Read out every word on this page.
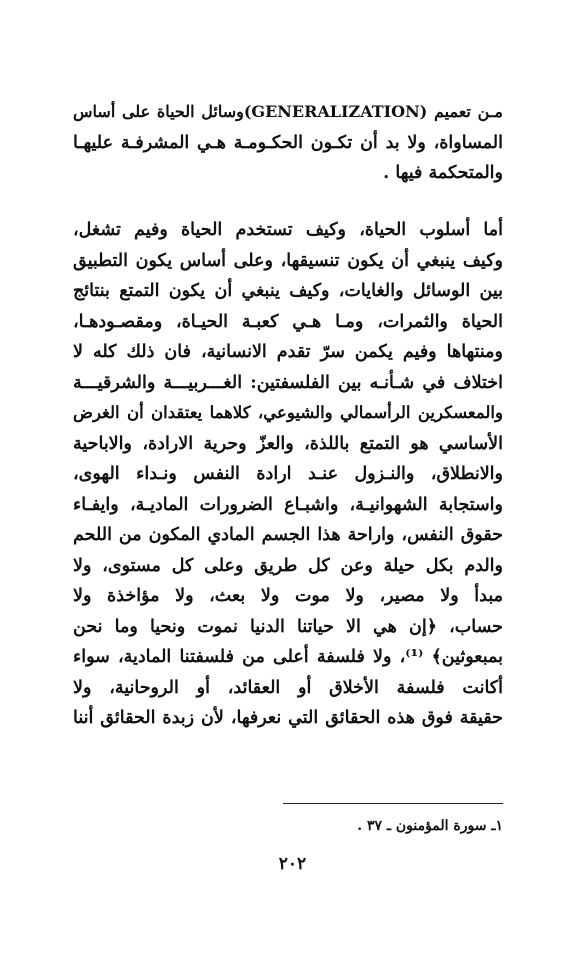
مـن تعميم (GENERALIZATION)وسائل الحياة على أساس
المساواة، ولا بد أن تكـون الحكـومـة هـي المشرفـة عليهـا
والمتحكمة فيها .
أما أسلوب الحياة، وكيف تستخدم الحياة وفيم تشغل،
وكيف ينبغي أن يكون تنسيقها، وعلى أساس يكون التطبيق
بين الوسائل والغايات، وكيف ينبغي أن يكون التمتع بنتائج
الحياة والثمرات، ومـا هـي كعبـة الحيـاة، ومقصـودهـا،
ومنتهاها وفيم يكمن سرّ تقدم الانسانية، فان ذلك كله لا
اختلاف في شـأنـه بين الفلسفتين: الغـــربيـــة والشرقيـــة
والمعسكرين الرأسمالي والشيوعي، كلاهما يعتقدان أن الغرض
الأساسي هو التمتع باللذة، والعزّ وحرية الارادة، والاباحية
والانطلاق، والنـزول عنـد ارادة النفس ونـداء الهوى،
واستجابة الشهوانيـة، واشبـاع الضرورات الماديـة، وايفـاء
حقوق النفس، واراحة هذا الجسم المادي المكون من اللحم
والدم بكل حيلة وعن كل طريق وعلى كل مستوى، ولا
مبدأ ولا مصير، ولا موت ولا بعث، ولا مؤاخذة ولا
حساب، ﴿إن هي الا حياتنا الدنيا نموت ونحيا وما نحن
بمبعوثين﴾ ⁽¹⁾، ولا فلسفة أعلى من فلسفتنا المادية، سواء
أكانت فلسفة الأخلاق أو العقائد، أو الروحانية، ولا
حقيقة فوق هذه الحقائق التي نعرفها، لأن زبدة الحقائق أننا
١ـ سورة المؤمنون ـ ٣٧ .
٢٠٢
